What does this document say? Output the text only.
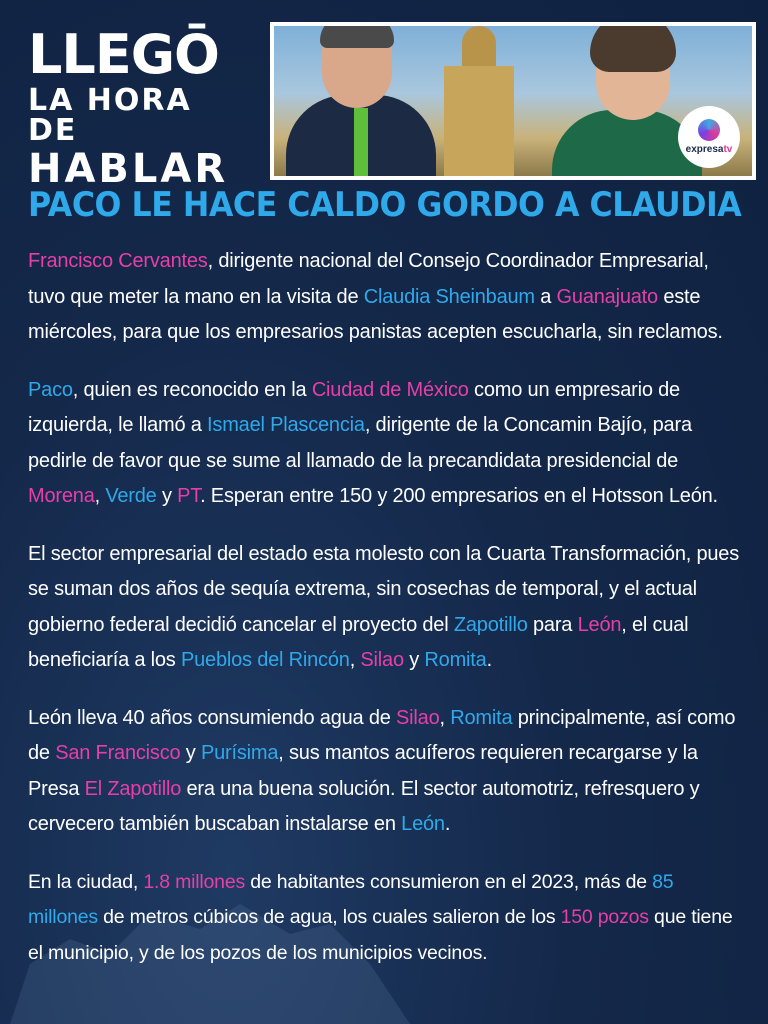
LLEGŌ
LA HORA DE
HABLAR	expresatv
PACO LE HACE CALDO GORDO A CLAUDIA

Francisco Cervantes, dirigente nacional del Consejo Coordinador Empresarial, tuvo que meter la mano en la visita de Claudia Sheinbaum a Guanajuato este miércoles, para que los empresarios panistas acepten escucharla, sin reclamos.

Paco, quien es reconocido en la Ciudad de México como un empresario de izquierda, le llamó a Ismael Plascencia, dirigente de la Concamin Bajío, para pedirle de favor que se sume al llamado de la precandidata presidencial de Morena, Verde y PT. Esperan entre 150 y 200 empresarios en el Hotsson León.

El sector empresarial del estado esta molesto con la Cuarta Transformación, pues se suman dos años de sequía extrema, sin cosechas de temporal, y el actual gobierno federal decidió cancelar el proyecto del Zapotillo para León, el cual beneficiaría a los Pueblos del Rincón, Silao y Romita.

León lleva 40 años consumiendo agua de Silao, Romita principalmente, así como de San Francisco y Purísima, sus mantos acuíferos requieren recargarse y la Presa El Zapotillo era una buena solución. El sector automotriz, refresquero y cervecero también buscaban instalarse en León.

En la ciudad, 1.8 millones de habitantes consumieron en el 2023, más de 85 millones de metros cúbicos de agua, los cuales salieron de los 150 pozos que tiene el municipio, y de los pozos de los municipios vecinos.
